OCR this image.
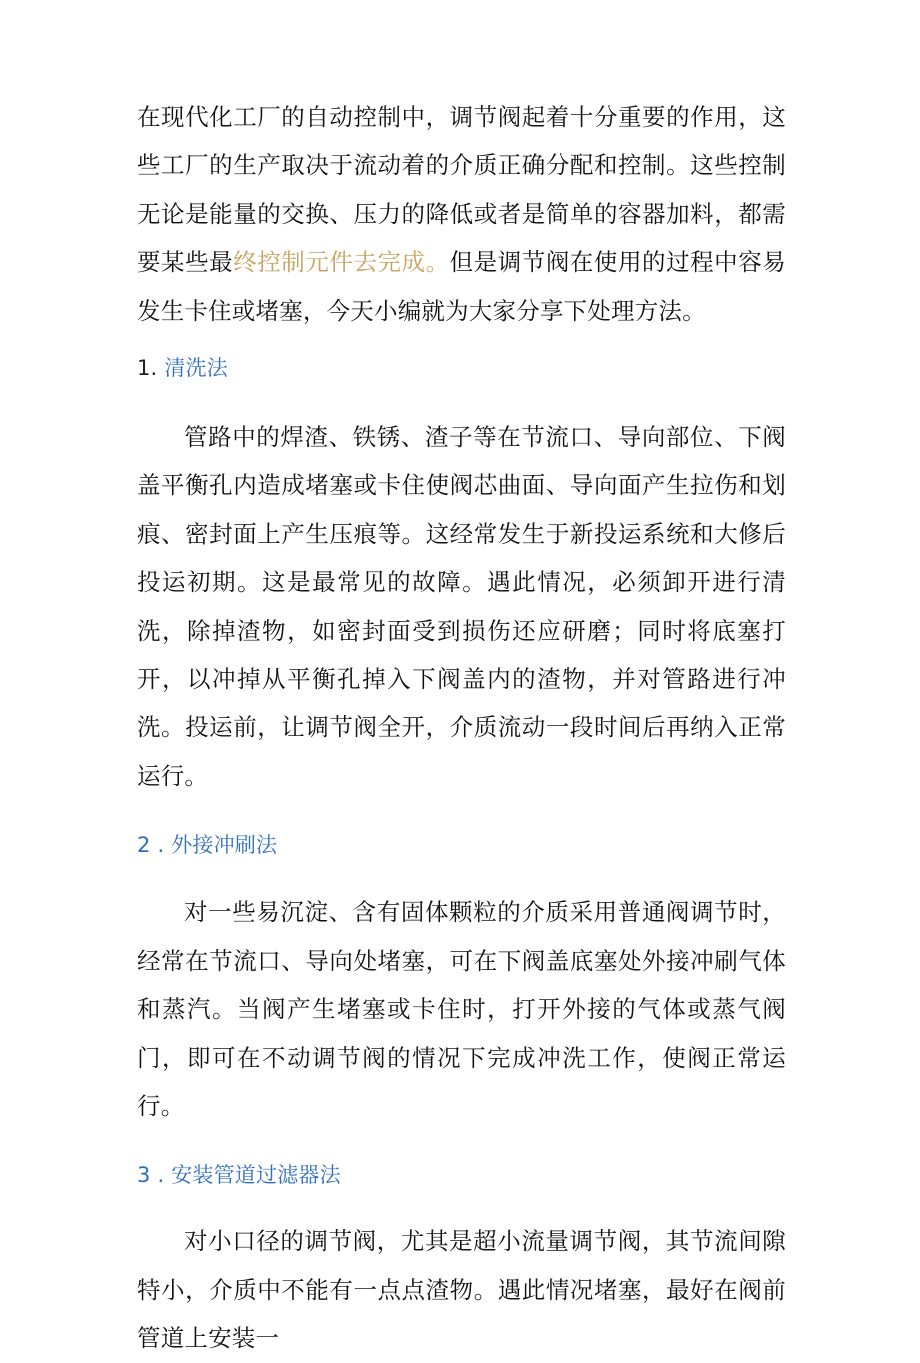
在现代化工厂的自动控制中，调节阀起着十分重要的作用，这些工厂的生产取决于流动着的介质正确分配和控制。这些控制无论是能量的交换、压力的降低或者是简单的容器加料，都需要某些最终控制元件去完成。但是调节阀在使用的过程中容易发生卡住或堵塞，今天小编就为大家分享下处理方法。

1. 清洗法

管路中的焊渣、铁锈、渣子等在节流口、导向部位、下阀盖平衡孔内造成堵塞或卡住使阀芯曲面、导向面产生拉伤和划痕、密封面上产生压痕等。这经常发生于新投运系统和大修后投运初期。这是最常见的故障。遇此情况，必须卸开进行清洗，除掉渣物，如密封面受到损伤还应研磨；同时将底塞打开，以冲掉从平衡孔掉入下阀盖内的渣物，并对管路进行冲洗。投运前，让调节阀全开，介质流动一段时间后再纳入正常运行。

2 . 外接冲刷法

对一些易沉淀、含有固体颗粒的介质采用普通阀调节时，经常在节流口、导向处堵塞，可在下阀盖底塞处外接冲刷气体和蒸汽。当阀产生堵塞或卡住时，打开外接的气体或蒸气阀门，即可在不动调节阀的情况下完成冲洗工作，使阀正常运行。

3 . 安装管道过滤器法

对小口径的调节阀，尤其是超小流量调节阀，其节流间隙特小，介质中不能有一点点渣物。遇此情况堵塞，最好在阀前管道上安装一
